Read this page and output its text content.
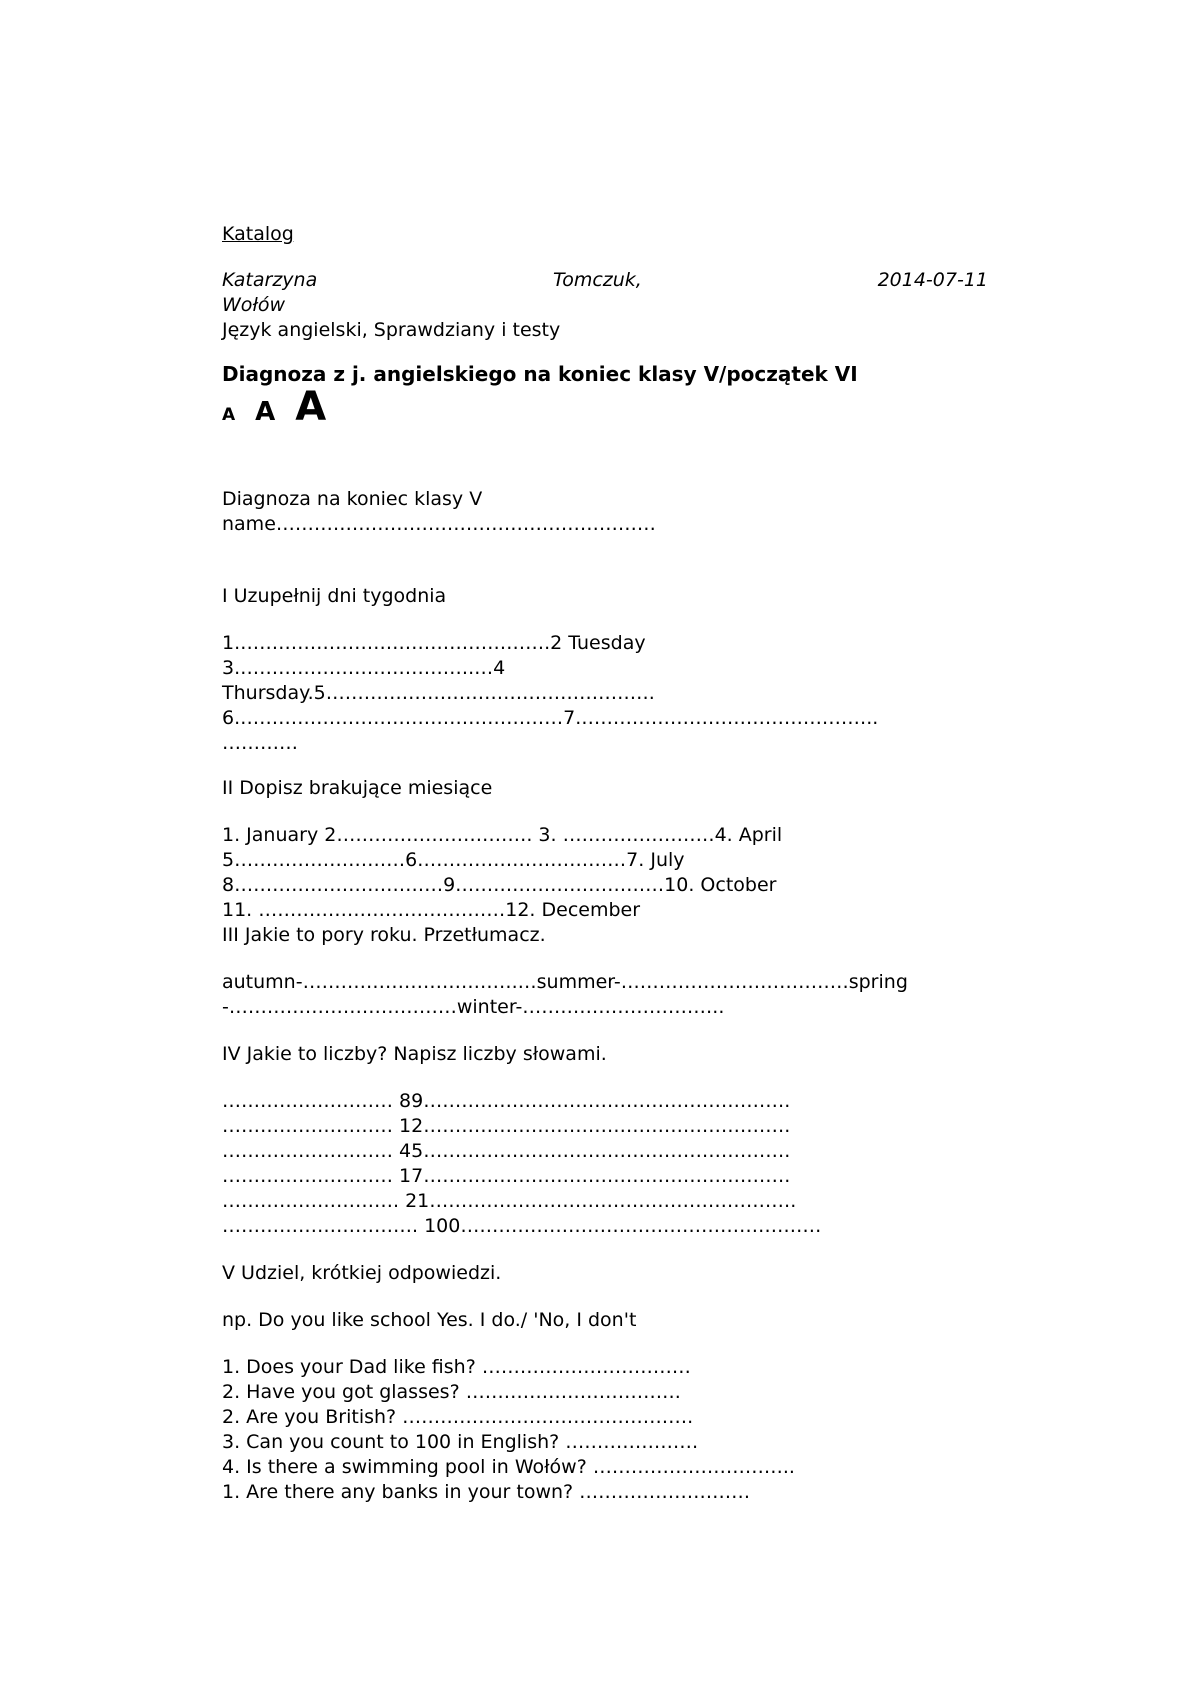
Katalog
Katarzyna	Tomczuk,	2014-07-11
Wołów
Język angielski, Sprawdziany i testy
Diagnoza z j. angielskiego na koniec klasy V/początek VI
A A A
Diagnoza na koniec klasy V
name……………………………………………………
I Uzupełnij dni tygodnia
1.………………………………………….2 Tuesday
3.……………………………….…4
Thursday.5…………………………………………….
6.……………………………………………7.………………………………………..
…………
II Dopisz brakujące miesiące
1. January 2…………………………. 3. ……………………4. April
5………………………6……………………………7. July
8……………………………9……………………………10. October
11. …………………………………12. December
III Jakie to pory roku. Przetłumacz.
autumn-…………………………….…summer-………………………………spring-………………………………winter-…………………………..
IV Jakie to liczby? Napisz liczby słowami.
……………………… 89………………………………………………….
……………………… 12………………………………………………….
……………………… 45………………………………………………….
……………………… 17………………………………………………….
………………………. 21………………………………………………….
…………………………. 100…………………………………………………
V Udziel, krótkiej odpowiedzi.
np. Do you like school Yes. I do./ 'No, I don't
1. Does your Dad like fish? ……………………………
2. Have you got glasses? …………………………….
2. Are you British? ……………………………………….
3. Can you count to 100 in English? …………………
4. Is there a swimming pool in Wołów? …………………………..
1. Are there any banks in your town? ………………………
